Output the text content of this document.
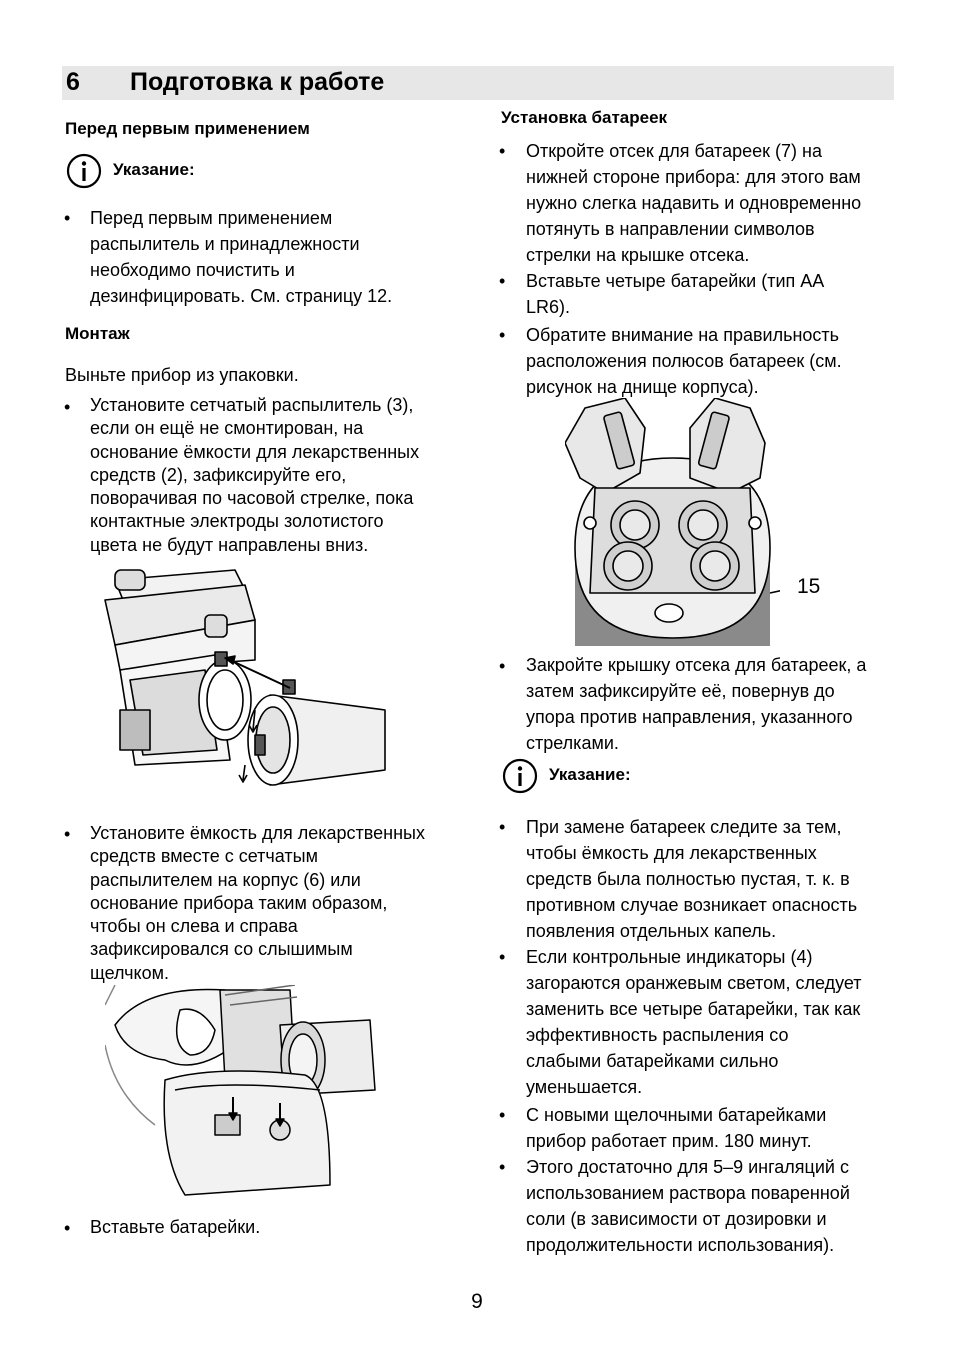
6 Подготовка к работе
Перед первым применением
Указание:
• Перед первым применением
распылитель и принадлежности
необходимо почистить и
дезинфицировать. См. страницу 12.
Монтаж
Выньте прибор из упаковки.
• Установите сетчатый распылитель (3),
если он ещё не смонтирован, на
основание ёмкости для лекарственных
средств (2), зафиксируйте его,
поворачивая по часовой стрелке, пока
контактные электроды золотистого
цвета не будут направлены вниз.
• Установите ёмкость для лекарственных
средств вместе с сетчатым
распылителем на корпус (6) или
основание прибора таким образом,
чтобы он слева и справа
зафиксировался со слышимым
щелчком.
• Вставьте батарейки.
Установка батареек
• Откройте отсек для батареек (7) на
нижней стороне прибора: для этого вам
нужно слегка надавить и одновременно
потянуть в направлении символов
стрелки на крышке отсека.
• Вставьте четыре батарейки (тип АА
LR6).
• Обратите внимание на правильность
расположения полюсов батареек (см.
рисунок на днище корпуса).
15
• Закройте крышку отсека для батареек, а
затем зафиксируйте её, повернув до
упора против направления, указанного
стрелками.
Указание:
• При замене батареек следите за тем,
чтобы ёмкость для лекарственных
средств была полностью пустая, т. к. в
противном случае возникает опасность
появления отдельных капель.
• Если контрольные индикаторы (4)
загораются оранжевым светом, следует
заменить все четыре батарейки, так как
эффективность распыления со
слабыми батарейками сильно
уменьшается.
• С новыми щелочными батарейками
прибор работает прим. 180 минут.
• Этого достаточно для 5–9 ингаляций с
использованием раствора поваренной
соли (в зависимости от дозировки и
продолжительности использования).
9
